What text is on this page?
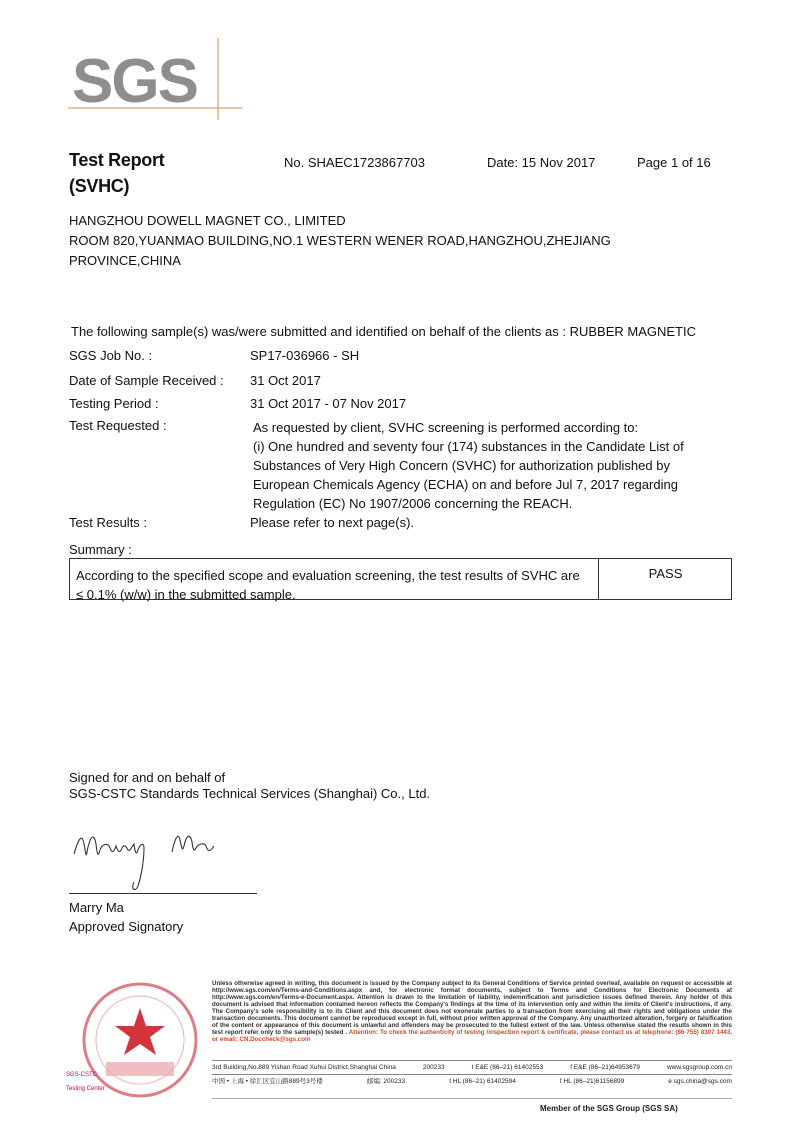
SGS
Test Report
(SVHC)
No. SHAEC1723867703	Date: 15 Nov 2017	Page 1 of 16
HANGZHOU DOWELL MAGNET CO., LIMITED
ROOM 820,YUANMAO BUILDING,NO.1 WESTERN WENER ROAD,HANGZHOU,ZHEJIANG
PROVINCE,CHINA
The following sample(s) was/were submitted and identified on behalf of the clients as : RUBBER MAGNETIC
SGS Job No. :	SP17-036966 - SH
Date of Sample Received : 31 Oct 2017
Testing Period :	31 Oct 2017 - 07 Nov 2017
Test Requested :	As requested by client, SVHC screening is performed according to:
(i) One hundred and seventy four (174) substances in the Candidate List of
Substances of Very High Concern (SVHC) for authorization published by
European Chemicals Agency (ECHA) on and before Jul 7, 2017 regarding
Regulation (EC) No 1907/2006 concerning the REACH.
Test Results :	Please refer to next page(s).
Summary :
According to the specified scope and evaluation screening, the test results of SVHC are
≤ 0.1% (w/w) in the submitted sample.
PASS
Signed for and on behalf of
SGS-CSTC Standards Technical Services (Shanghai) Co., Ltd.
Marry Ma
Approved Signatory
SGS-CSTC
Testing Center
Unless otherwise agreed in writing, this document is issued by the Company subject to its General Conditions of Service printed overleaf, available on request or accessible at http://www.sgs.com/en/Terms-and-Conditions.aspx and, for electronic format documents, subject to Terms and Conditions for Electronic Documents at http://www.sgs.com/en/Terms-e-Document.aspx. Attention is drawn to the limitation of liability, indemnification and jurisdiction issues defined therein. Any holder of this document is advised that information contained hereon reflects the Company's findings at the time of its intervention only and within the limits of Client's instructions, if any. The Company's sole responsibility is to its Client and this document does not exonerate parties to a transaction from exercising all their rights and obligations under the transaction documents. This document cannot be reproduced except in full, without prior written approval of the Company. Any unauthorized alteration, forgery or falsification of the content or appearance of this document is unlawful and offenders may be prosecuted to the fullest extent of the law. Unless otherwise stated the results shown in this test report refer only to the sample(s) tested . Attention: To check the authenticity of testing /inspection report & certificate, please contact us at telephone: (86-755) 8307 1443, or email: CN.Doccheck@sgs.com
3rd Building,No.889 Yishan Road Xuhui District,Shanghai China	200233	t E&E (86–21) 61402553	f E&E (86–21)64953679	www.sgsgroup.com.cn
中国 • 上海 • 徐汇区宜山路889号3号楼	邮编: 200233	t HL (86–21) 61402594	f HL (86–21)61156899	e sgs.china@sgs.com
Member of the SGS Group (SGS SA)
